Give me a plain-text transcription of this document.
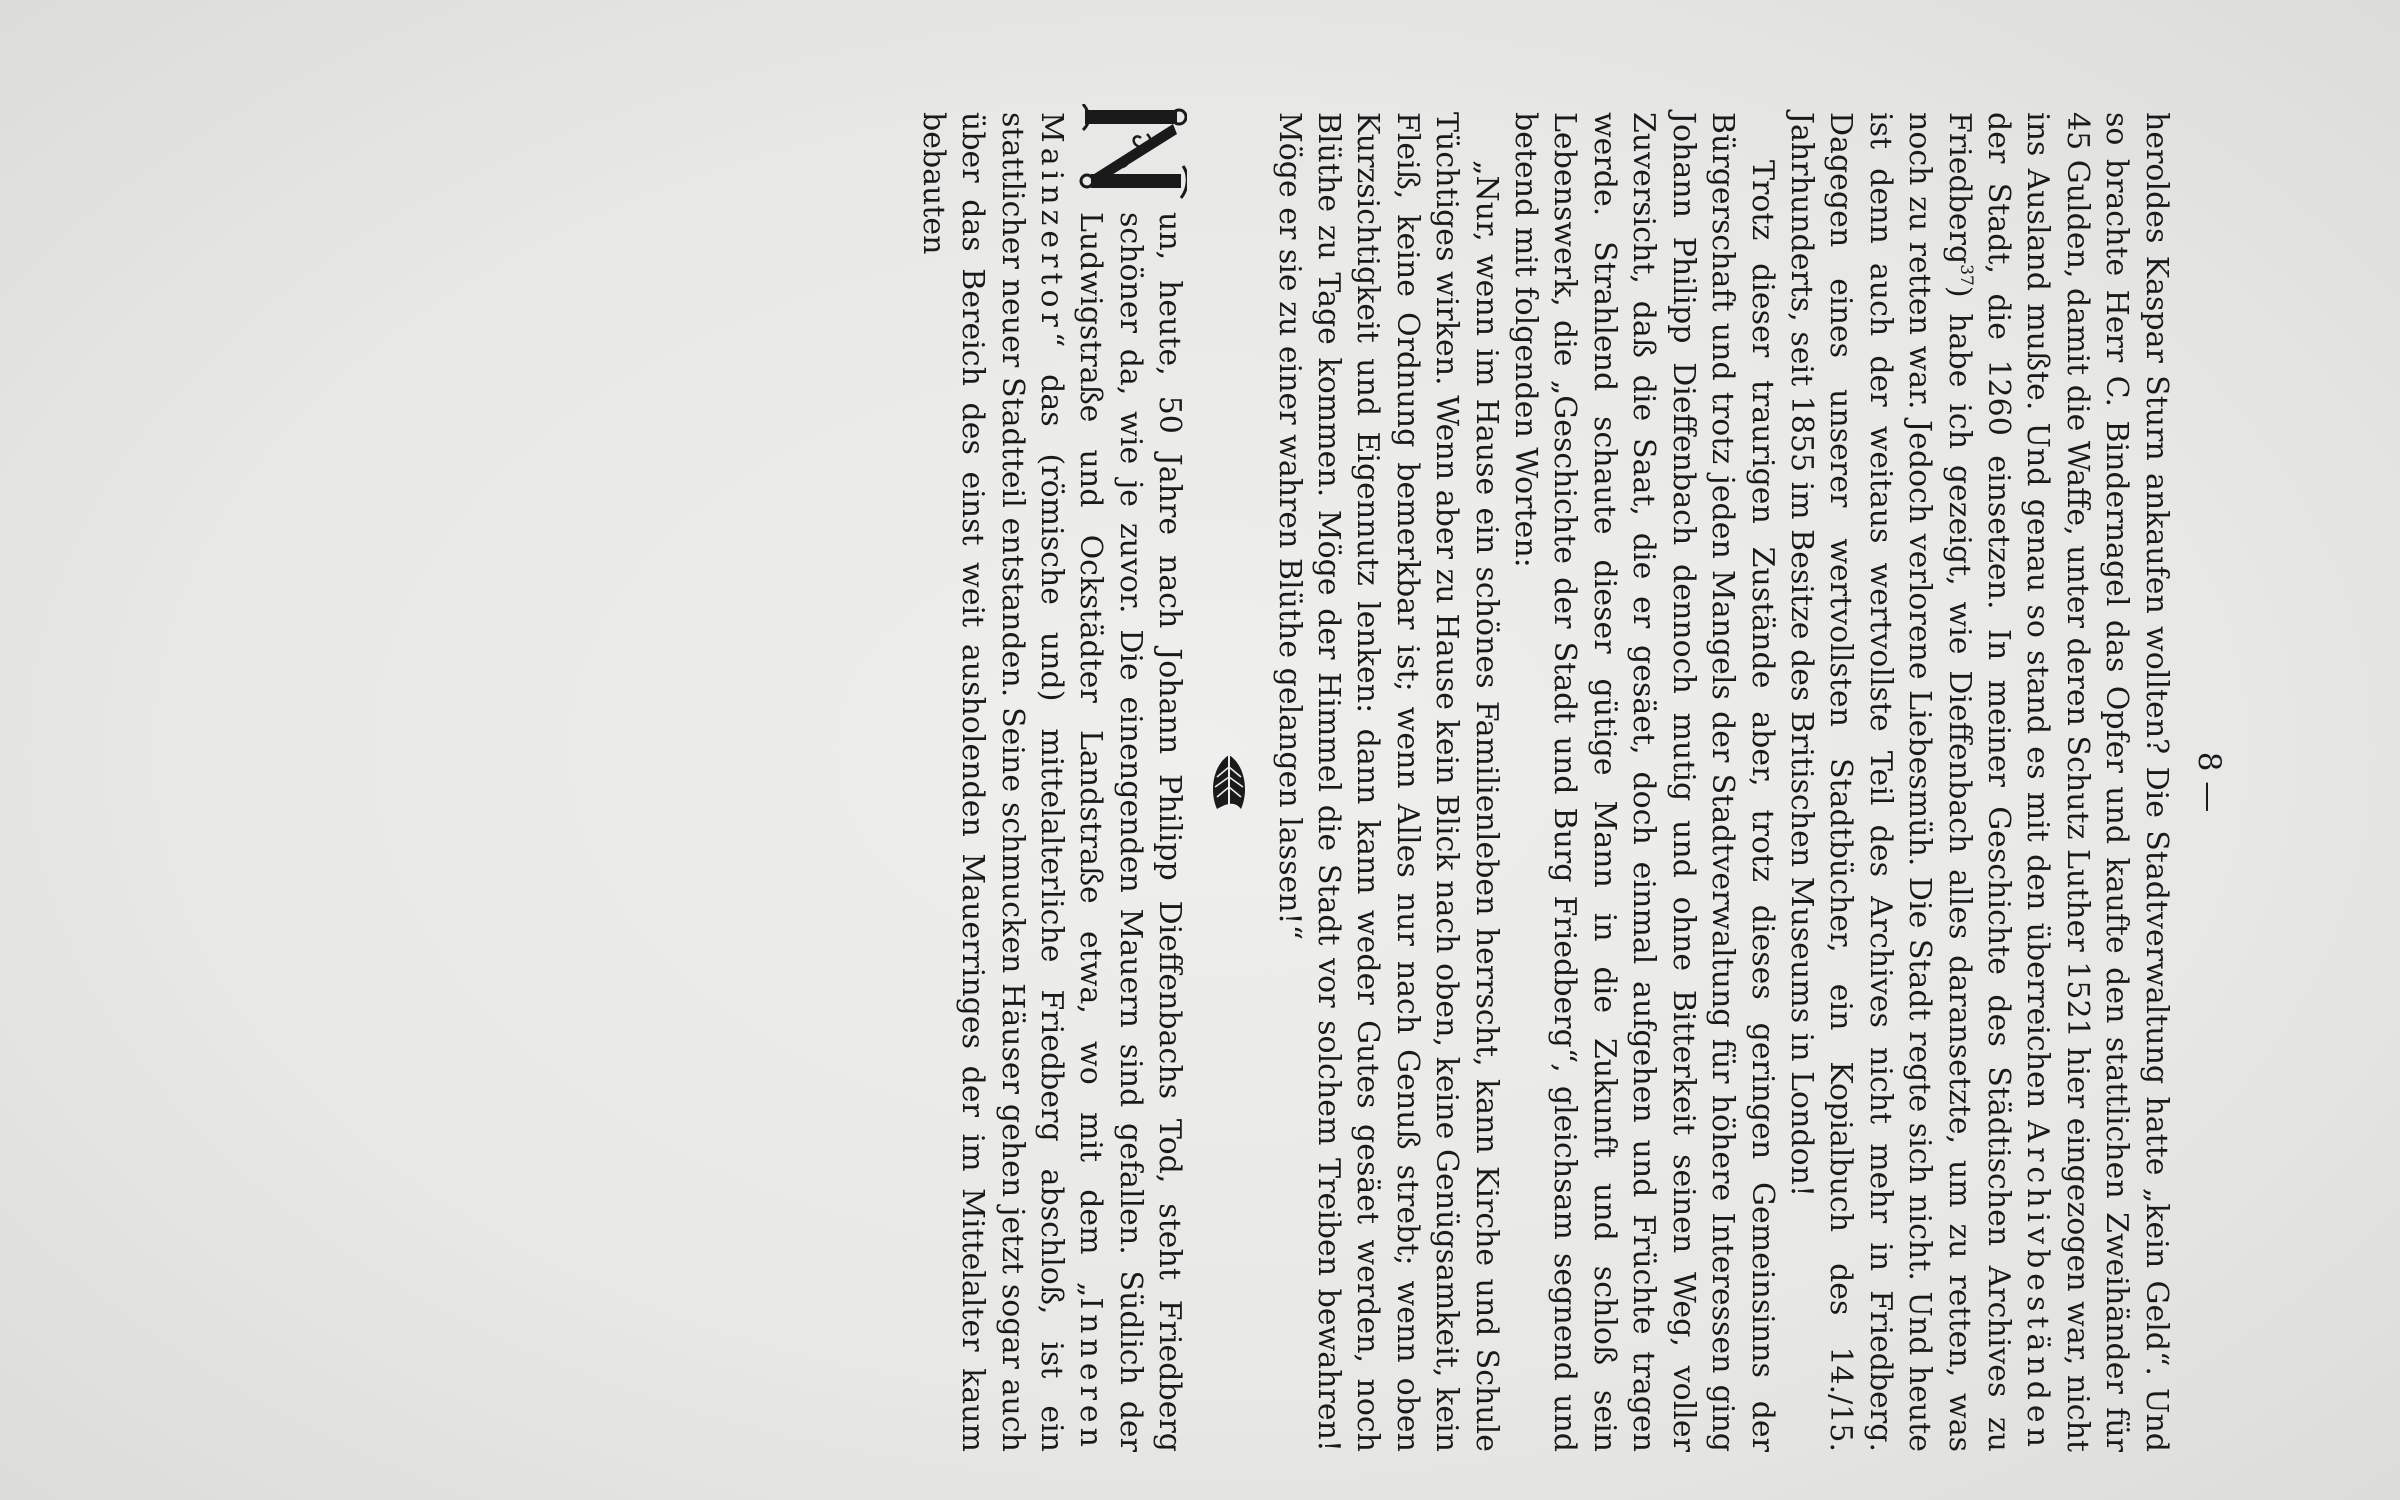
8 —

heroldes Kaspar Sturn ankaufen wollten? Die Stadtverwaltung hatte „kein Geld“. Und so brachte Herr C. Bindernagel das Opfer und kaufte den stattlichen Zweihänder für 45 Gulden, damit die Waffe, unter deren Schutz Luther 1521 hier eingezogen war, nicht ins Ausland mußte. Und genau so stand es mit den überreichen Archivbeständen der Stadt, die 1260 einsetzen. In meiner Geschichte des Städtischen Archives zu Friedberg$^{37}$) habe ich gezeigt, wie Dieffenbach alles daransetzte, um zu retten, was noch zu retten war. Jedoch verlorene Liebesmüh. Die Stadt regte sich nicht. Und heute ist denn auch der weitaus wertvollste Teil des Archives nicht mehr in Friedberg. Dagegen eines unserer wertvollsten Stadtbücher, ein Kopialbuch des 14./15. Jahrhunderts, seit 1855 im Besitze des Britischen Museums in London!

Trotz dieser traurigen Zustände aber, trotz dieses geringen Gemeinsinns der Bürgerschaft und trotz jeden Mangels der Stadtverwaltung für höhere Interessen ging Johann Philipp Dieffenbach dennoch mutig und ohne Bitterkeit seinen Weg, voller Zuversicht, daß die Saat, die er gesäet, doch einmal aufgehen und Früchte tragen werde. Strahlend schaute dieser gütige Mann in die Zukunft und schloß sein Lebenswerk, die „Geschichte der Stadt und Burg Friedberg“, gleichsam segnend und betend mit folgenden Worten:

„Nur, wenn im Hause ein schönes Familienleben herrscht, kann Kirche und Schule Tüchtiges wirken. Wenn aber zu Hause kein Blick nach oben, keine Genügsamkeit, kein Fleiß, keine Ordnung bemerkbar ist; wenn Alles nur nach Genuß strebt; wenn oben Kurzsichtigkeit und Eigennutz lenken: dann kann weder Gutes gesäet werden, noch Blüthe zu Tage kommen. Möge der Himmel die Stadt vor solchem Treiben bewahren! Möge er sie zu einer wahren Blüthe gelangen lassen!“

un, heute, 50 Jahre nach Johann Philipp Dieffenbachs Tod, steht Friedberg schöner da, wie je zuvor. Die einengenden Mauern sind gefallen. Südlich der Ludwigstraße und Ockstädter Landstraße etwa, wo mit dem „Inneren Mainzertor“ das (römische und) mittelalterliche Friedberg abschloß, ist ein stattlicher neuer Stadtteil entstanden. Seine schmucken Häuser gehen jetzt sogar auch über das Bereich des einst weit ausholenden Mauerringes der im Mittelalter kaum bebauten
